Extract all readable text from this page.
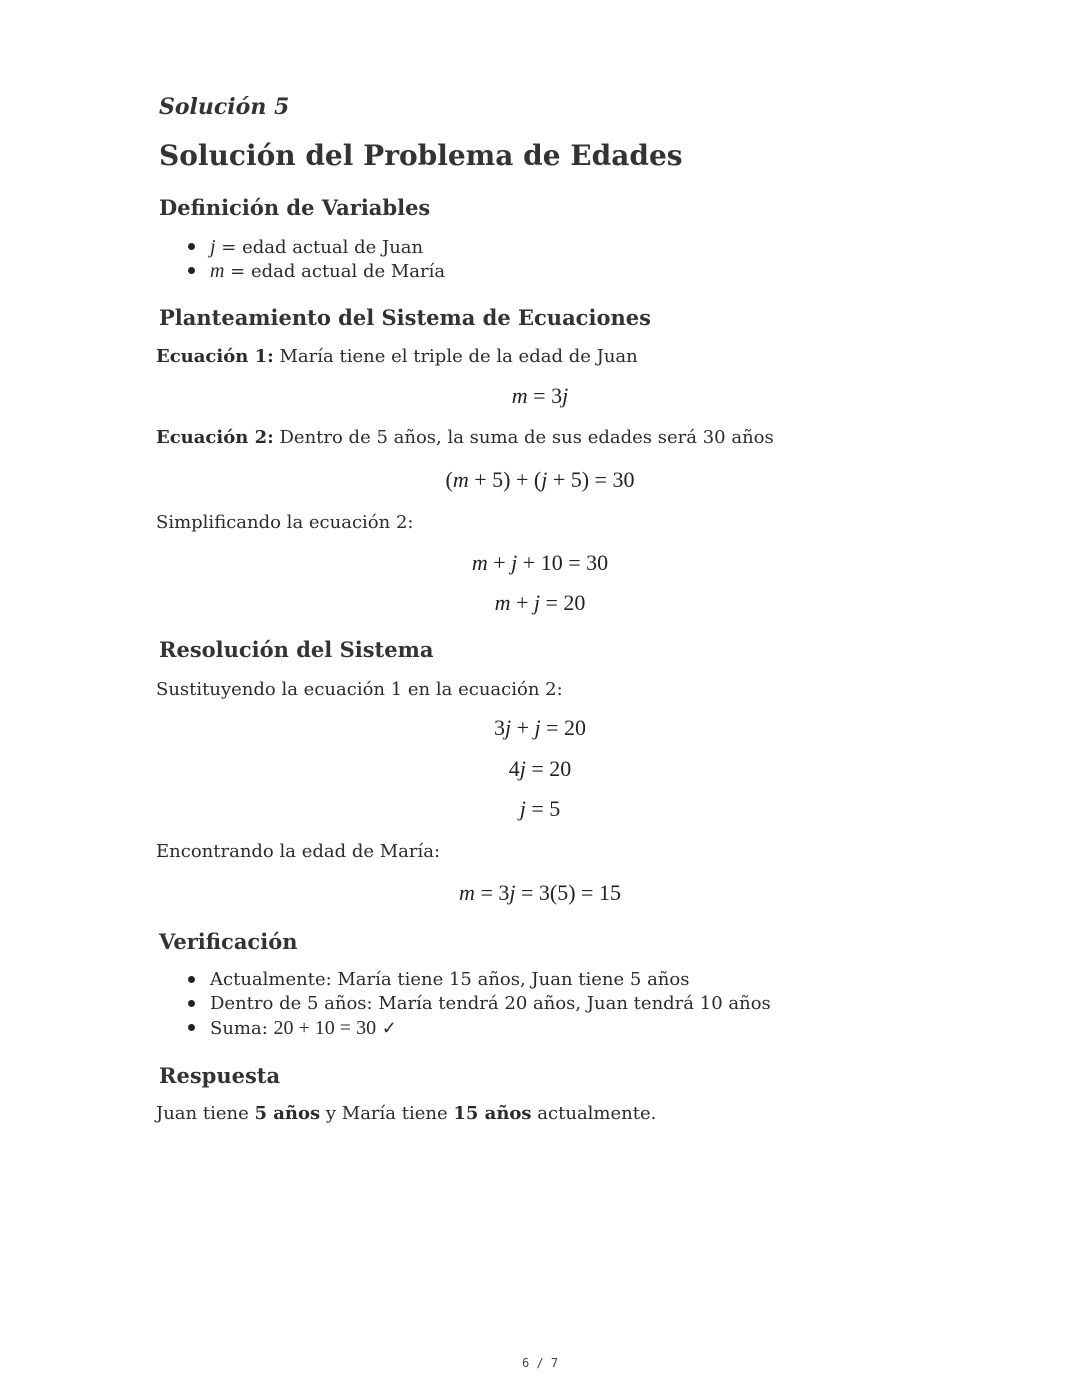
Solución 5
Solución del Problema de Edades
Definición de Variables
j = edad actual de Juan
m = edad actual de María
Planteamiento del Sistema de Ecuaciones
Ecuación 1: María tiene el triple de la edad de Juan
m = 3j
Ecuación 2: Dentro de 5 años, la suma de sus edades será 30 años
(m + 5) + (j + 5) = 30
Simplificando la ecuación 2:
m + j + 10 = 30
m + j = 20
Resolución del Sistema
Sustituyendo la ecuación 1 en la ecuación 2:
3j + j = 20
4j = 20
j = 5
Encontrando la edad de María:
m = 3j = 3(5) = 15
Verificación
Actualmente: María tiene 15 años, Juan tiene 5 años
Dentro de 5 años: María tendrá 20 años, Juan tendrá 10 años
Suma: 20 + 10 = 30 ✓
Respuesta
Juan tiene 5 años y María tiene 15 años actualmente.
6 / 7
